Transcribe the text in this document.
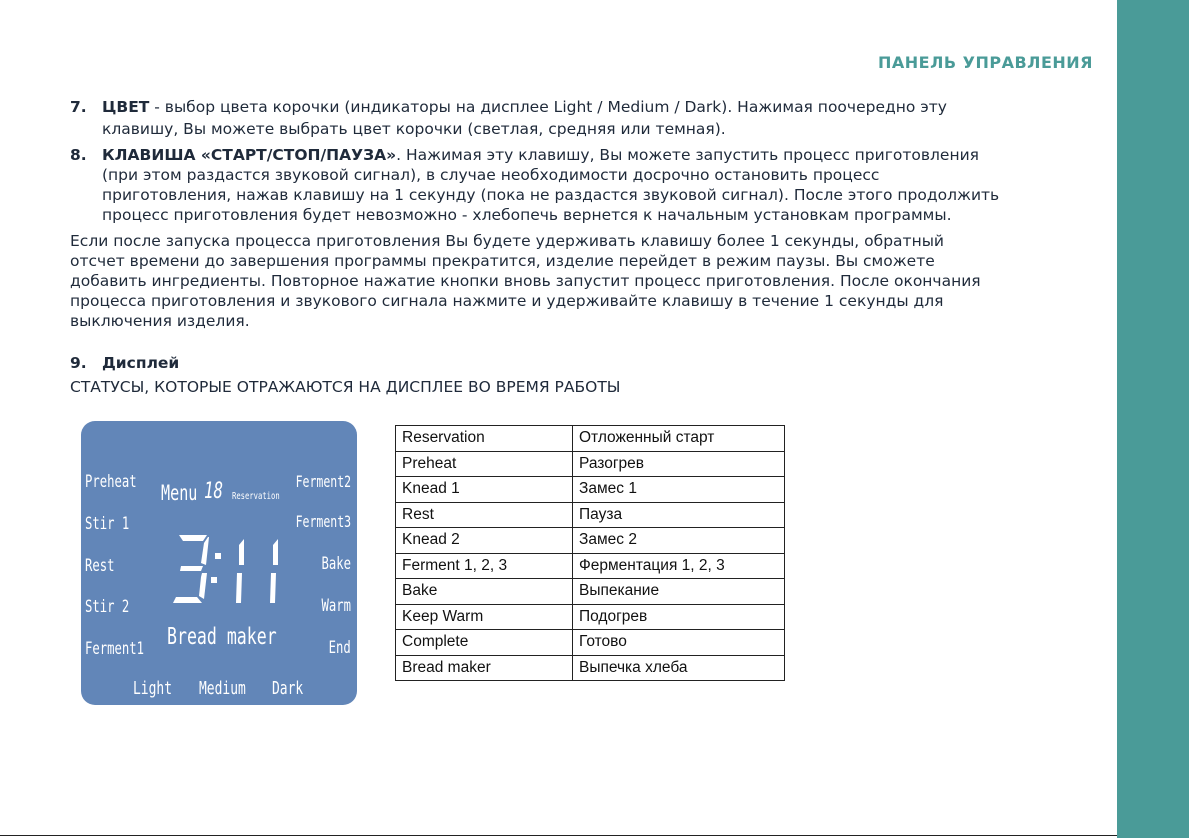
ПАНЕЛЬ УПРАВЛЕНИЯ
7. ЦВЕТ - выбор цвета корочки (индикаторы на дисплее Light / Medium / Dark). Нажимая поочередно эту
клавишу, Вы можете выбрать цвет корочки (светлая, средняя или темная).
8. КЛАВИША «СТАРТ/СТОП/ПАУЗА». Нажимая эту клавишу, Вы можете запустить процесс приготовления
(при этом раздастся звуковой сигнал), в случае необходимости досрочно остановить процесс
приготовления, нажав клавишу на 1 секунду (пока не раздастся звуковой сигнал). После этого продолжить
процесс приготовления будет невозможно - хлебопечь вернется к начальным установкам программы.
Если после запуска процесса приготовления Вы будете удерживать клавишу более 1 секунды, обратный
отсчет времени до завершения программы прекратится, изделие перейдет в режим паузы. Вы сможете
добавить ингредиенты. Повторное нажатие кнопки вновь запустит процесс приготовления. После окончания
процесса приготовления и звукового сигнала нажмите и удерживайте клавишу в течение 1 секунды для
выключения изделия.
9. Дисплей
СТАТУСЫ, КОТОРЫЕ ОТРАЖАЮТСЯ НА ДИСПЛЕЕ ВО ВРЕМЯ РАБОТЫ
Preheat
Stir 1
Rest
Stir 2
Ferment1
Menu 18 Reservation
Ferment2
Ferment3
Bake
Warm
End
Bread maker
Light Medium Dark
Reservation	Отложенный старт
Preheat	Разогрев
Knead 1	Замес 1
Rest	Пауза
Knead 2	Замес 2
Ferment 1, 2, 3	Ферментация 1, 2, 3
Bake	Выпекание
Keep Warm	Подогрев
Complete	Готово
Bread maker	Выпечка хлеба
